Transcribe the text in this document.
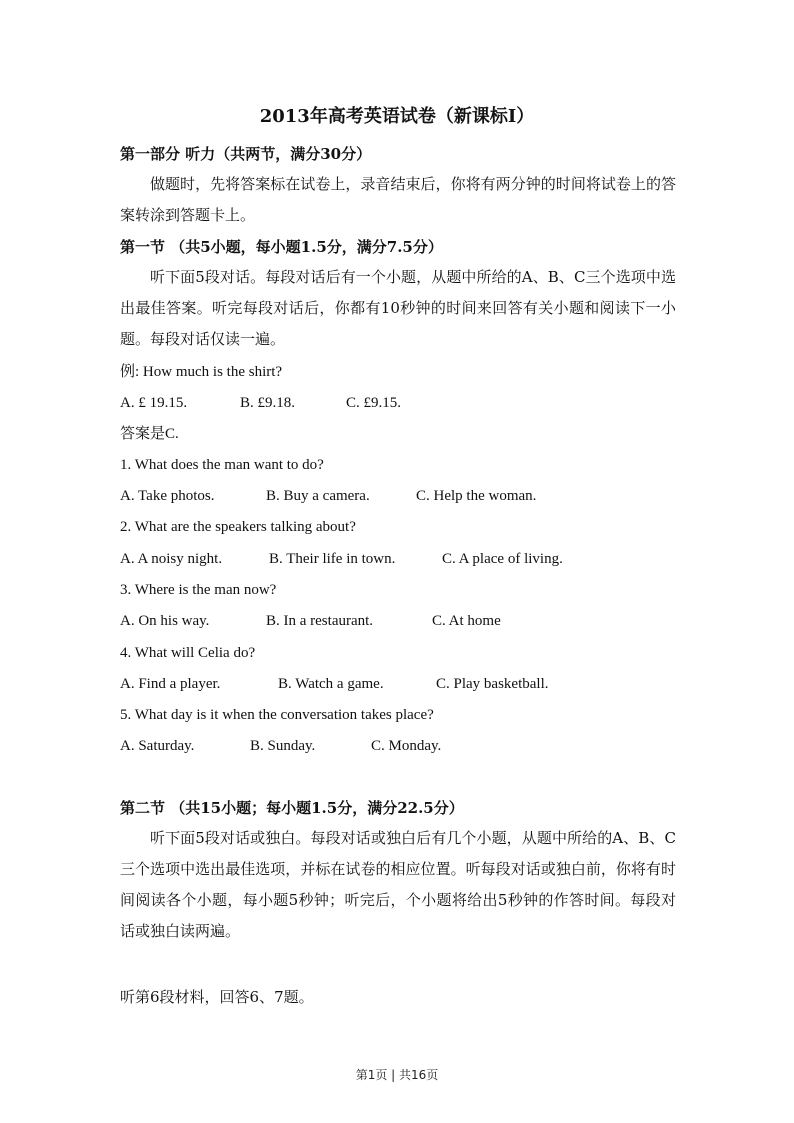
2013年高考英语试卷（新课标Ⅰ）
第一部分 听力（共两节，满分30分）
做题时，先将答案标在试卷上，录音结束后，你将有两分钟的时间将试卷上的答案转涂到答题卡上。
第一节 （共5小题，每小题1.5分，满分7.5分）
听下面5段对话。每段对话后有一个小题，从题中所给的A、B、C三个选项中选出最佳答案。听完每段对话后，你都有10秒钟的时间来回答有关小题和阅读下一小题。每段对话仅读一遍。
例: How much is the shirt?
A. £ 19.15.	B. £9.18.	C. £9.15.
答案是C.
1. What does the man want to do?
A. Take photos.	B. Buy a camera.	C. Help the woman.
2. What are the speakers talking about?
A. A noisy night.	B. Their life in town.	C. A place of living.
3. Where is the man now?
A. On his way.	B. In a restaurant.	C. At home
4. What will Celia do?
A. Find a player.	B. Watch a game.	C. Play basketball.
5. What day is it when the conversation takes place?
A. Saturday.	B. Sunday.	C. Monday.
第二节 （共15小题；每小题1.5分，满分22.5分）
听下面5段对话或独白。每段对话或独白后有几个小题，从题中所给的A、B、C三个选项中选出最佳选项，并标在试卷的相应位置。听每段对话或独白前，你将有时间阅读各个小题，每小题5秒钟；听完后，个小题将给出5秒钟的作答时间。每段对话或独白读两遍。
听第6段材料，回答6、7题。
第1页 | 共16页
